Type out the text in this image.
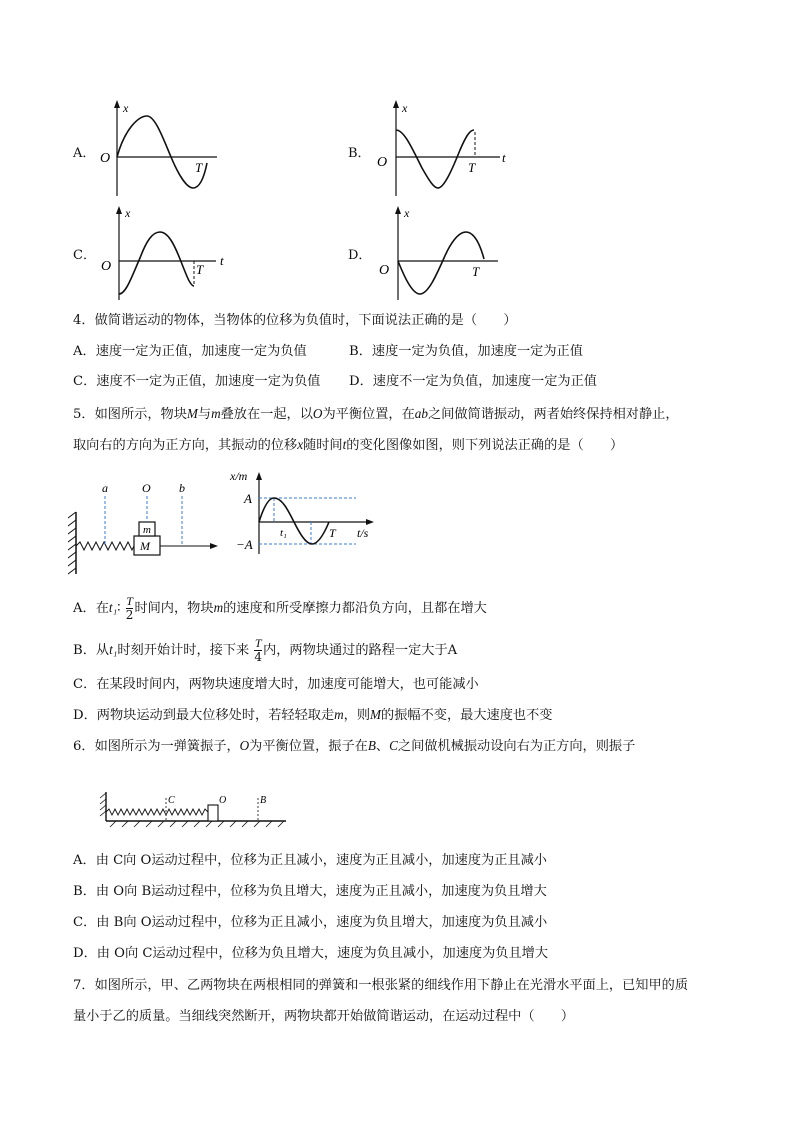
A．
x
O
T
B．
x
O	T
t
C．
x
O	T
t	D．
x
O	T
4．做简谐运动的物体，当物体的位移为负值时，下面说法正确的是（　　）
A．速度一定为正值，加速度一定为负值	B．速度一定为负值，加速度一定为正值
C．速度不一定为正值，加速度一定为负值 D．速度不一定为负值，加速度一定为正值
5．如图所示，物块M与m叠放在一起，以O为平衡位置，在ab之间做简谐振动，两者始终保持相对静止，
取向右的方向为正方向，其振动的位移x随时间t的变化图像如图，则下列说法正确的是（　　）
a	O b
m
M
x/m
A
−A
t₁	T t/s
A．在t₁∶ $\frac{T}{2}$ 时间内，物块m的速度和所受摩擦力都沿负方向，且都在增大
B．从t₁时刻开始计时，接下来 $\frac{T}{4}$ 内，两物块通过的路程一定大于A
C．在某段时间内，两物块速度增大时，加速度可能增大，也可能减小
D．两物块运动到最大位移处时，若轻轻取走m，则M的振幅不变，最大速度也不变
6．如图所示为一弹簧振子，O为平衡位置，振子在B、C之间做机械振动设向右为正方向，则振子
C	O	B
A．由 C向 O运动过程中，位移为正且减小，速度为正且减小，加速度为正且减小
B．由 O向 B运动过程中，位移为负且增大，速度为正且减小，加速度为负且增大
C．由 B向 O运动过程中，位移为正且减小，速度为负且增大，加速度为负且减小
D．由 O向 C运动过程中，位移为负且增大，速度为负且减小，加速度为负且增大
7．如图所示，甲、乙两物块在两根相同的弹簧和一根张紧的细线作用下静止在光滑水平面上，已知甲的质
量小于乙的质量。当细线突然断开，两物块都开始做简谐运动，在运动过程中（　　）
